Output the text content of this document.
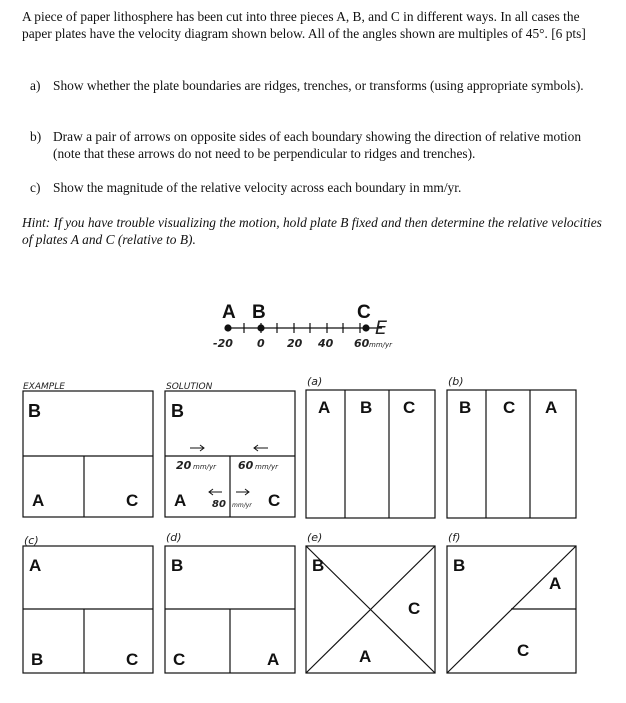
A piece of paper lithosphere has been cut into three pieces A, B, and C in different ways. In all cases the paper plates have the velocity diagram shown below. All of the angles shown are multiples of 45°. [6 pts]
a) Show whether the plate boundaries are ridges, trenches, or transforms (using appropriate symbols).
b) Draw a pair of arrows on opposite sides of each boundary showing the direction of relative motion (note that these arrows do not need to be perpendicular to ridges and trenches).
c) Show the magnitude of the relative velocity across each boundary in mm/yr.
Hint: If you have trouble visualizing the motion, hold plate B fixed and then determine the relative velocities of plates A and C (relative to B).
A B	C
E
-20 0 20 40 60 mm/yr
EXAMPLE	SOLUTION	(a)	(b)
(c)	(d)	(e)	(f)
B
A	C
B
A	C
20 mm/yr 60 mm/yr
80 mm/yr
A B C	B C A
A
B	C
B
C	A
B
C
A
B
A
C
